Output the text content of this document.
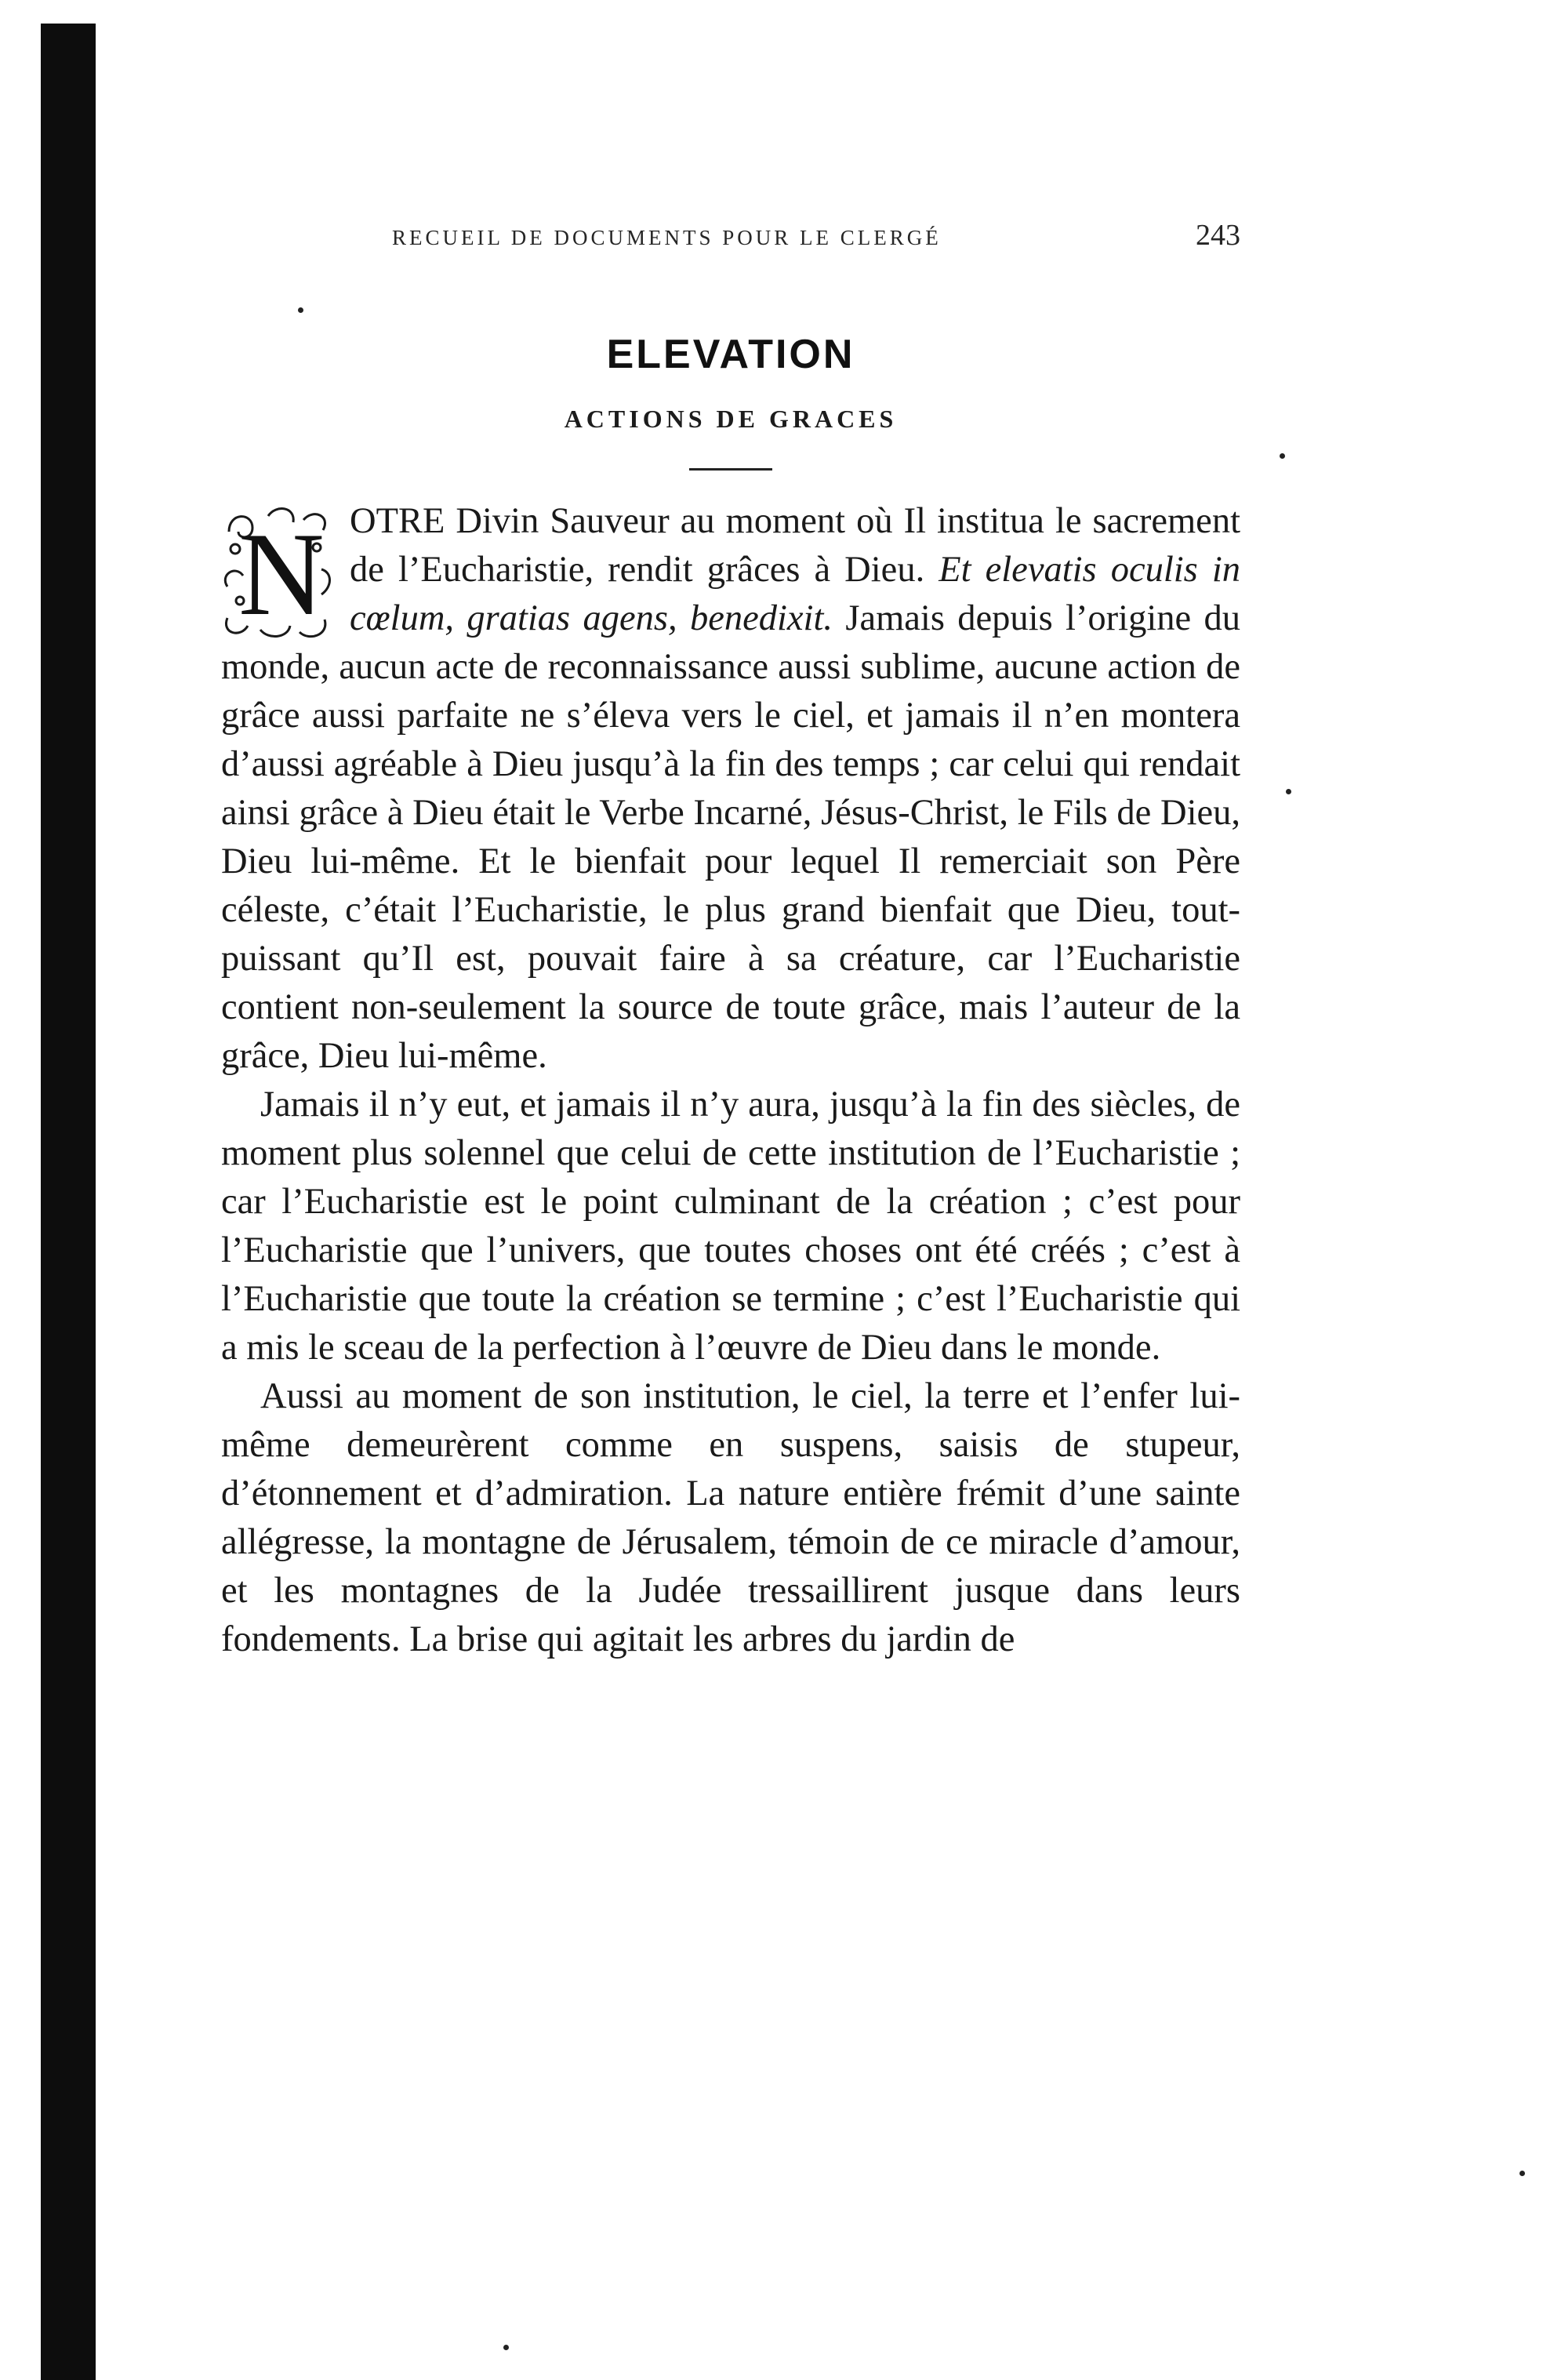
RECUEIL DE DOCUMENTS POUR LE CLERGÉ	243
ELEVATION
ACTIONS DE GRACES

N OTRE Divin Sauveur au moment où Il institua le sacrement de l’Eucharistie, rendit grâces à Dieu. Et elevatis oculis in cœlum, gratias agens, benedixit. Jamais depuis l’origine du monde, aucun acte de reconnaissance aussi sublime, aucune action de grâce aussi parfaite ne s’éleva vers le ciel, et jamais il n’en montera d’aussi agréable à Dieu jusqu’à la fin des temps ; car celui qui rendait ainsi grâce à Dieu était le Verbe Incarné, Jésus-Christ, le Fils de Dieu, Dieu lui-même. Et le bienfait pour lequel Il remerciait son Père céleste, c’était l’Eucharistie, le plus grand bienfait que Dieu, tout-puissant qu’Il est, pouvait faire à sa créature, car l’Eucharistie contient non-seulement la source de toute grâce, mais l’auteur de la grâce, Dieu lui-même.

Jamais il n’y eut, et jamais il n’y aura, jusqu’à la fin des siècles, de moment plus solennel que celui de cette institution de l’Eucharistie ; car l’Eucharistie est le point culminant de la création ; c’est pour l’Eucharistie que l’univers, que toutes choses ont été créés ; c’est à l’Eucharistie que toute la création se termine ; c’est l’Eucharistie qui a mis le sceau de la perfection à l’œuvre de Dieu dans le monde.

Aussi au moment de son institution, le ciel, la terre et l’enfer lui-même demeurèrent comme en suspens, saisis de stupeur, d’étonnement et d’admiration. La nature entière frémit d’une sainte allégresse, la montagne de Jérusalem, témoin de ce miracle d’amour, et les montagnes de la Judée tressaillirent jusque dans leurs fondements. La brise qui agitait les arbres du jardin de
